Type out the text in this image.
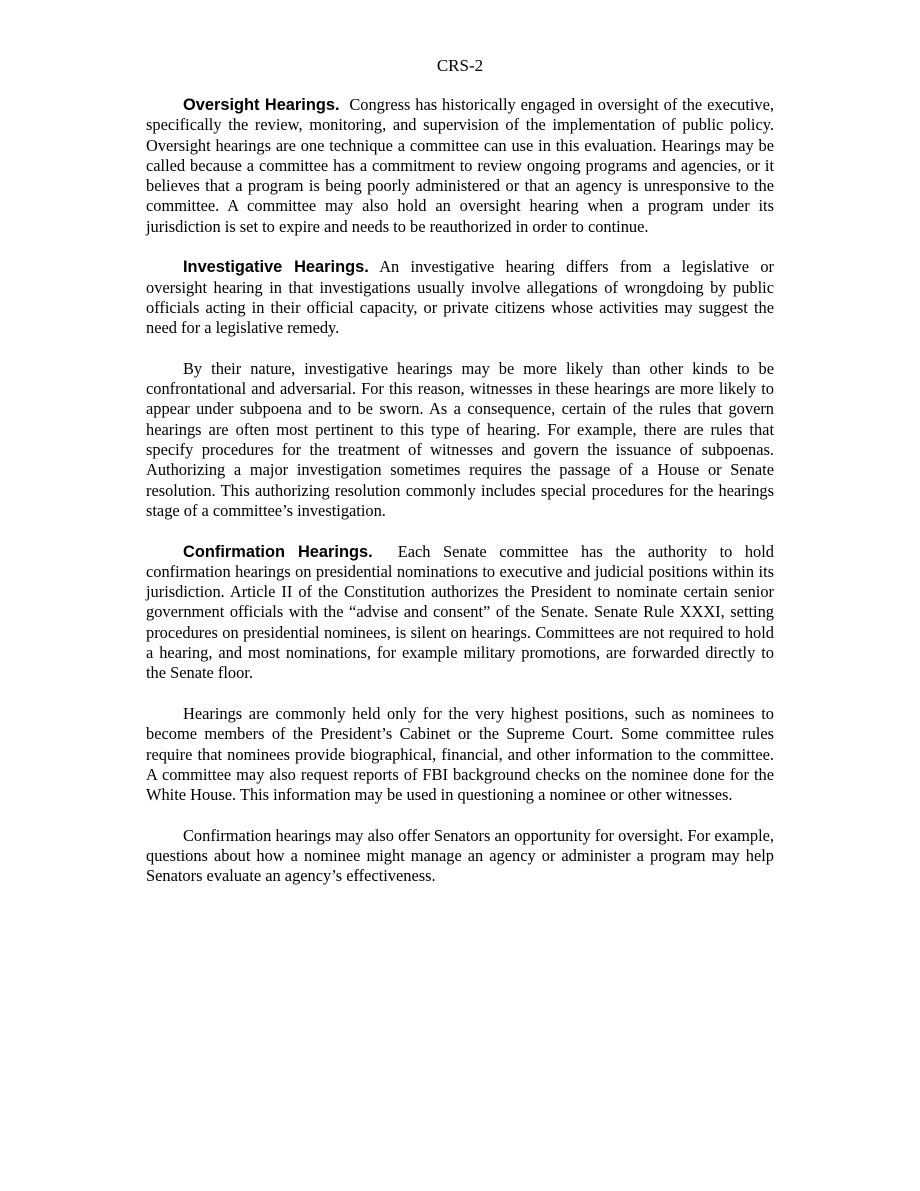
CRS-2

Oversight Hearings. Congress has historically engaged in oversight of the executive, specifically the review, monitoring, and supervision of the implementation of public policy. Oversight hearings are one technique a committee can use in this evaluation. Hearings may be called because a committee has a commitment to review ongoing programs and agencies, or it believes that a program is being poorly administered or that an agency is unresponsive to the committee. A committee may also hold an oversight hearing when a program under its jurisdiction is set to expire and needs to be reauthorized in order to continue.

Investigative Hearings. An investigative hearing differs from a legislative or oversight hearing in that investigations usually involve allegations of wrongdoing by public officials acting in their official capacity, or private citizens whose activities may suggest the need for a legislative remedy.

By their nature, investigative hearings may be more likely than other kinds to be confrontational and adversarial. For this reason, witnesses in these hearings are more likely to appear under subpoena and to be sworn. As a consequence, certain of the rules that govern hearings are often most pertinent to this type of hearing. For example, there are rules that specify procedures for the treatment of witnesses and govern the issuance of subpoenas. Authorizing a major investigation sometimes requires the passage of a House or Senate resolution. This authorizing resolution commonly includes special procedures for the hearings stage of a committee’s investigation.

Confirmation Hearings. Each Senate committee has the authority to hold confirmation hearings on presidential nominations to executive and judicial positions within its jurisdiction. Article II of the Constitution authorizes the President to nominate certain senior government officials with the “advise and consent” of the Senate. Senate Rule XXXI, setting procedures on presidential nominees, is silent on hearings. Committees are not required to hold a hearing, and most nominations, for example military promotions, are forwarded directly to the Senate floor.

Hearings are commonly held only for the very highest positions, such as nominees to become members of the President’s Cabinet or the Supreme Court. Some committee rules require that nominees provide biographical, financial, and other information to the committee. A committee may also request reports of FBI background checks on the nominee done for the White House. This information may be used in questioning a nominee or other witnesses.

Confirmation hearings may also offer Senators an opportunity for oversight. For example, questions about how a nominee might manage an agency or administer a program may help Senators evaluate an agency’s effectiveness.
